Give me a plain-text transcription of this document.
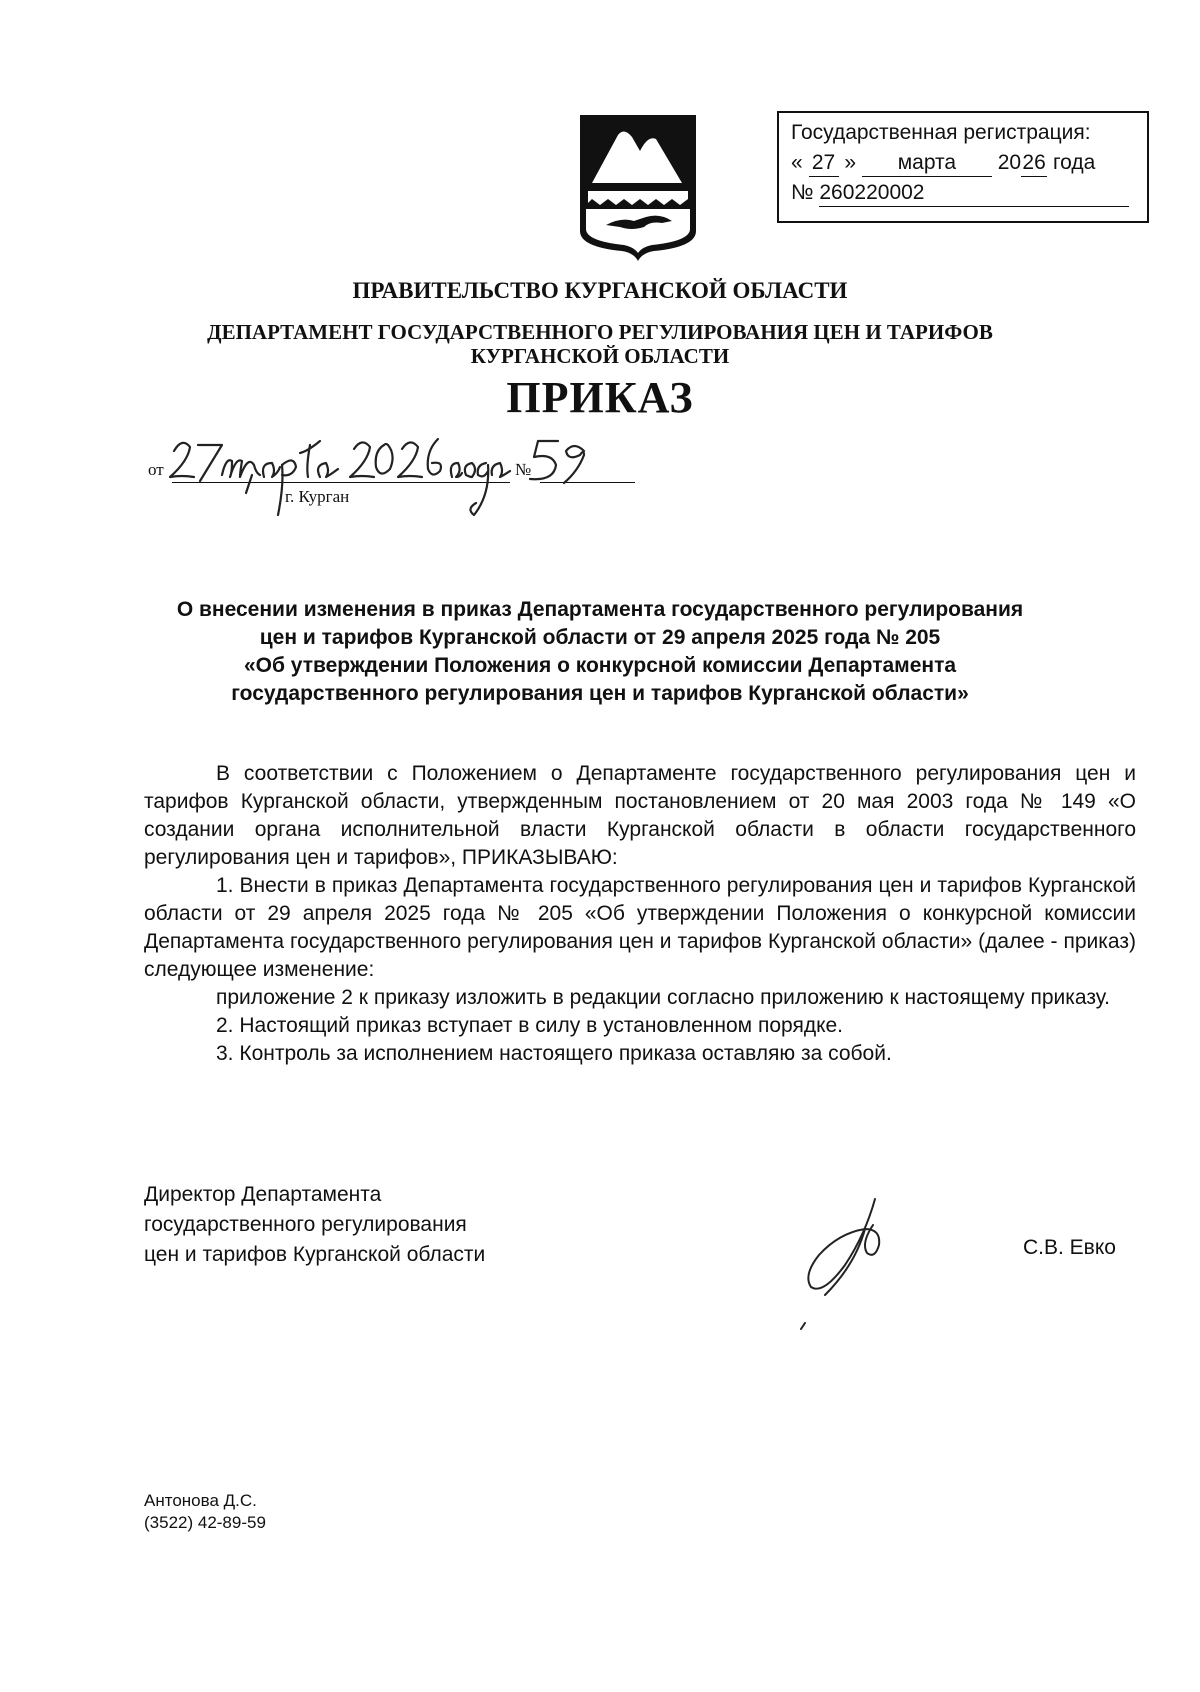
Государственная регистрация:
« 27 » марта 2026 года
№ 260220002
ПРАВИТЕЛЬСТВО КУРГАНСКОЙ ОБЛАСТИ
ДЕПАРТАМЕНТ ГОСУДАРСТВЕННОГО РЕГУЛИРОВАНИЯ ЦЕН И ТАРИФОВ
КУРГАНСКОЙ ОБЛАСТИ
ПРИКАЗ
от	№
г. Курган
О внесении изменения в приказ Департамента государственного регулирования
цен и тарифов Курганской области от 29 апреля 2025 года № 205
«Об утверждении Положения о конкурсной комиссии Департамента
государственного регулирования цен и тарифов Курганской области»

В соответствии с Положением о Департаменте государственного регулирования цен и тарифов Курганской области, утвержденным постановлением от 20 мая 2003 года № 149 «О создании органа исполнительной власти Курганской области в области государственного регулирования цен и тарифов», ПРИКАЗЫВАЮ:

1. Внести в приказ Департамента государственного регулирования цен и тарифов Курганской области от 29 апреля 2025 года № 205 «Об утверждении Положения о конкурсной комиссии Департамента государственного регулирования цен и тарифов Курганской области» (далее - приказ) следующее изменение:

приложение 2 к приказу изложить в редакции согласно приложению к настоящему приказу.

2. Настоящий приказ вступает в силу в установленном порядке.

3. Контроль за исполнением настоящего приказа оставляю за собой.

Директор Департамента
государственного регулирования
цен и тарифов Курганской области	С.В. Евко
Антонова Д.С.
(3522) 42-89-59
